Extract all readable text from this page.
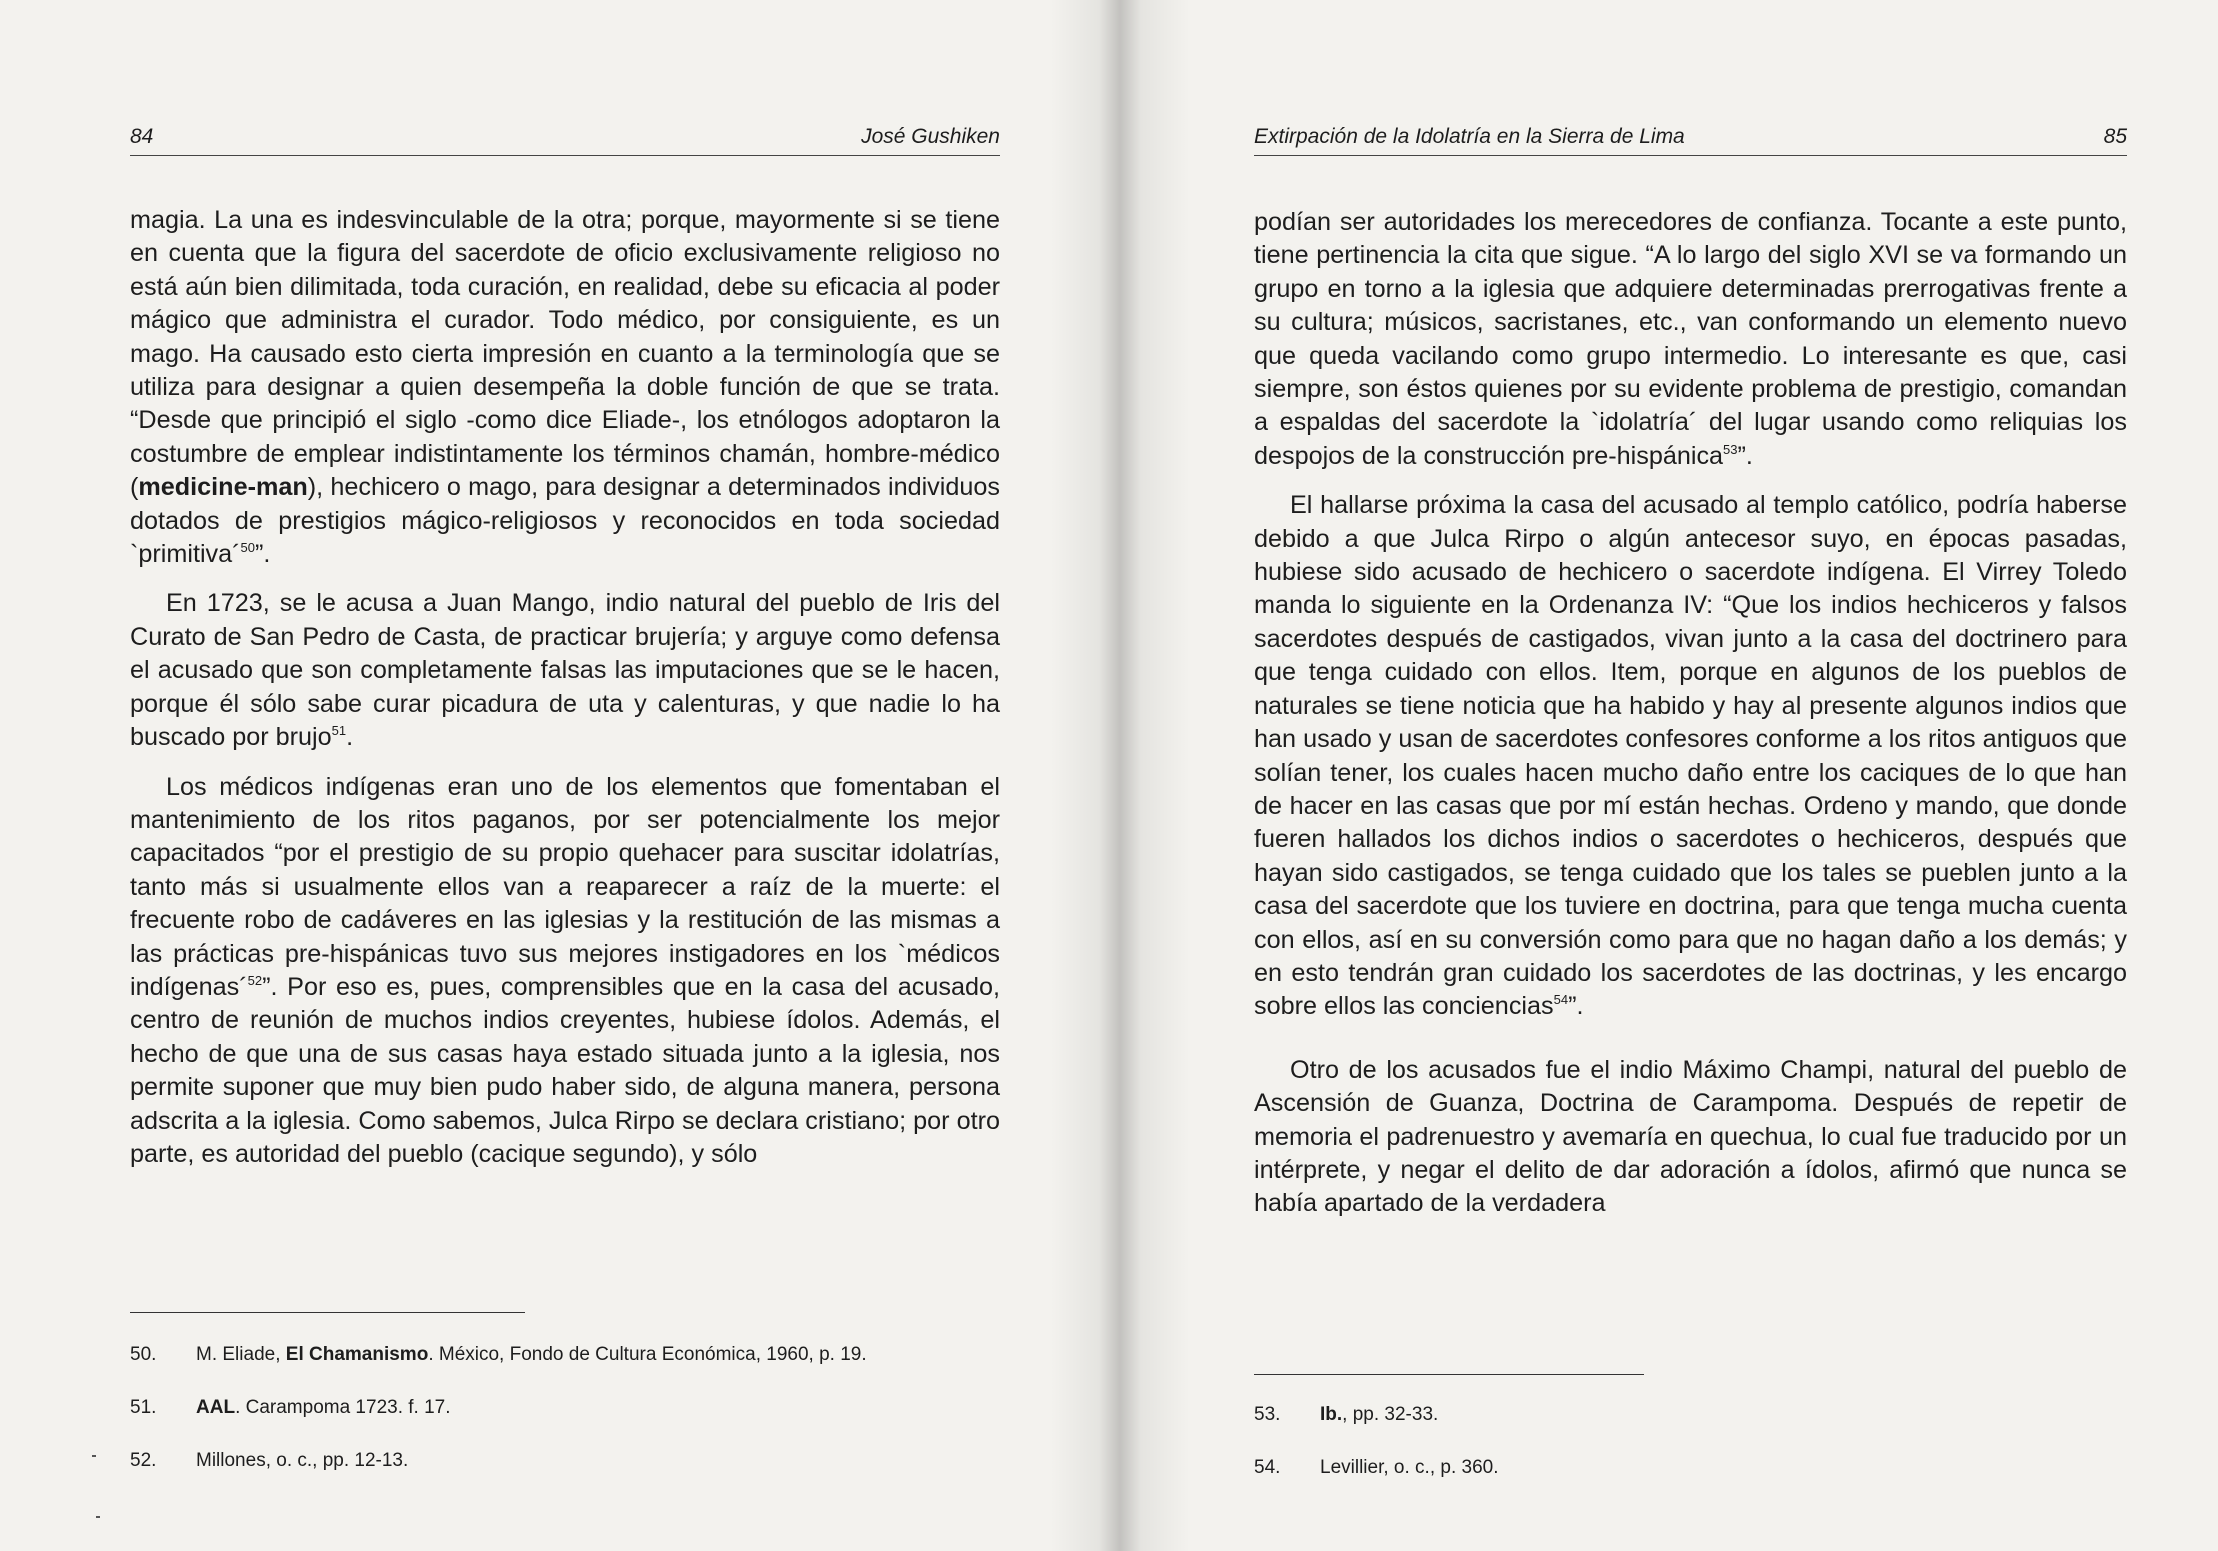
84	José Gushiken

magia. La una es indesvinculable de la otra; porque, mayormente si se tiene en cuenta que la figura del sacerdote de oficio exclusivamente religioso no está aún bien dilimitada, toda curación, en realidad, debe su eficacia al poder mágico que administra el curador. Todo médico, por consiguiente, es un mago. Ha causado esto cierta impresión en cuanto a la terminología que se utiliza para designar a quien desempeña la doble función de que se trata. “Desde que principió el siglo -como dice Eliade-, los etnólogos adoptaron la costumbre de emplear indistintamente los términos chamán, hombre-médico (medicine-man), hechicero o mago, para designar a determinados individuos dotados de prestigios mágico-religiosos y reconocidos en toda sociedad `primitiva´$^{50}$”.

En 1723, se le acusa a Juan Mango, indio natural del pueblo de Iris del Curato de San Pedro de Casta, de practicar brujería; y arguye como defensa el acusado que son completamente falsas las imputaciones que se le hacen, porque él sólo sabe curar picadura de uta y calenturas, y que nadie lo ha buscado por brujo$^{51}$.

Los médicos indígenas eran uno de los elementos que fomentaban el mantenimiento de los ritos paganos, por ser potencialmente los mejor capacitados “por el prestigio de su propio quehacer para suscitar idolatrías, tanto más si usualmente ellos van a reaparecer a raíz de la muerte: el frecuente robo de cadáveres en las iglesias y la restitución de las mismas a las prácticas pre-hispánicas tuvo sus mejores instigadores en los `médicos indígenas´$^{52}$”. Por eso es, pues, comprensibles que en la casa del acusado, centro de reunión de muchos indios creyentes, hubiese ídolos. Además, el hecho de que una de sus casas haya estado situada junto a la iglesia, nos permite suponer que muy bien pudo haber sido, de alguna manera, persona adscrita a la iglesia. Como sabemos, Julca Rirpo se declara cristiano; por otro parte, es autoridad del pueblo (cacique segundo), y sólo

50.	M. Eliade, El Chamanismo. México, Fondo de Cultura Económica, 1960, p. 19.
51.	AAL. Carampoma 1723. f. 17.
52.	Millones, o. c., pp. 12-13.
Extirpación de la Idolatría en la Sierra de Lima	85

podían ser autoridades los merecedores de confianza. Tocante a este punto, tiene pertinencia la cita que sigue. “A lo largo del siglo XVI se va formando un grupo en torno a la iglesia que adquiere determinadas prerrogativas frente a su cultura; músicos, sacristanes, etc., van conformando un elemento nuevo que queda vacilando como grupo intermedio. Lo interesante es que, casi siempre, son éstos quienes por su evidente problema de prestigio, comandan a espaldas del sacerdote la `idolatría´ del lugar usando como reliquias los despojos de la construcción pre-hispánica$^{53}$”.

El hallarse próxima la casa del acusado al templo católico, podría haberse debido a que Julca Rirpo o algún antecesor suyo, en épocas pasadas, hubiese sido acusado de hechicero o sacerdote indígena. El Virrey Toledo manda lo siguiente en la Ordenanza IV: “Que los indios hechiceros y falsos sacerdotes después de castigados, vivan junto a la casa del doctrinero para que tenga cuidado con ellos. Item, porque en algunos de los pueblos de naturales se tiene noticia que ha habido y hay al presente algunos indios que han usado y usan de sacerdotes confesores conforme a los ritos antiguos que solían tener, los cuales hacen mucho daño entre los caciques de lo que han de hacer en las casas que por mí están hechas. Ordeno y mando, que donde fueren hallados los dichos indios o sacerdotes o hechiceros, después que hayan sido castigados, se tenga cuidado que los tales se pueblen junto a la casa del sacerdote que los tuviere en doctrina, para que tenga mucha cuenta con ellos, así en su conversión como para que no hagan daño a los demás; y en esto tendrán gran cuidado los sacerdotes de las doctrinas, y les encargo sobre ellos las conciencias$^{54}$”.

Otro de los acusados fue el indio Máximo Champi, natural del pueblo de Ascensión de Guanza, Doctrina de Carampoma. Después de repetir de memoria el padrenuestro y avemaría en quechua, lo cual fue traducido por un intérprete, y negar el delito de dar adoración a ídolos, afirmó que nunca se había apartado de la verdadera

53.	Ib., pp. 32-33.
54.	Levillier, o. c., p. 360.
